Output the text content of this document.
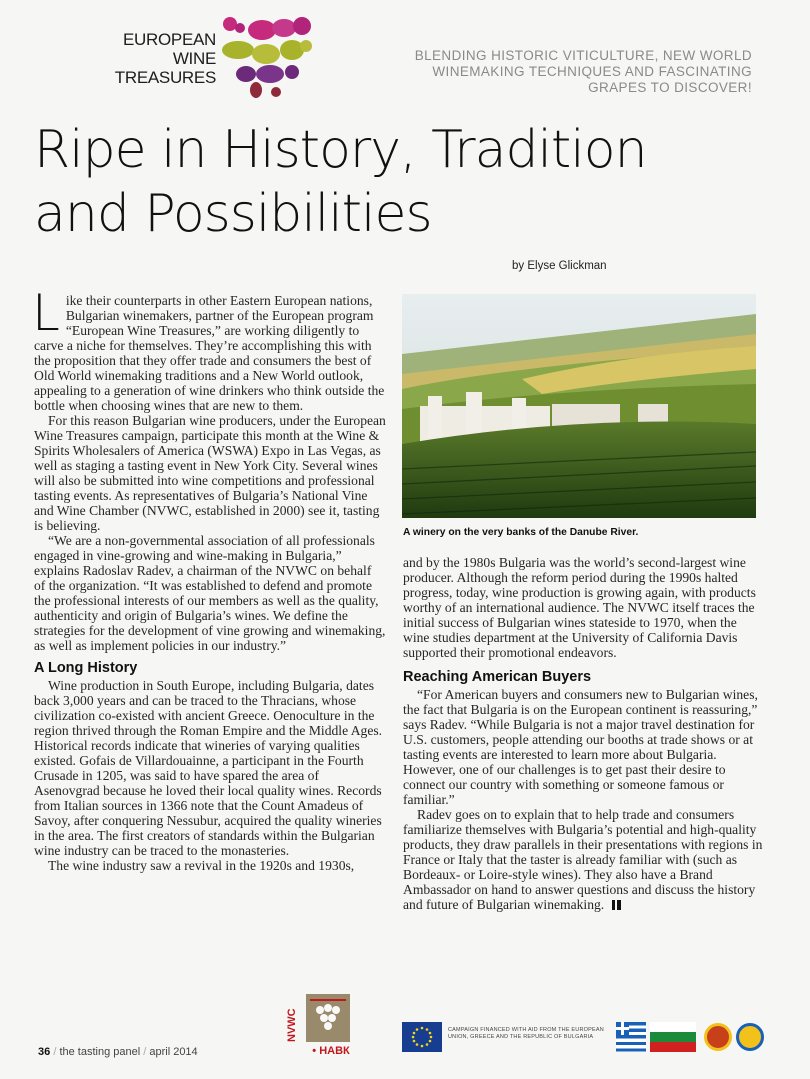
EUROPEAN
WINE
TREASURES
BLENDING HISTORIC VITICULTURE, NEW WORLD
WINEMAKING TECHNIQUES AND FASCINATING
GRAPES TO DISCOVER!
Ripe in History, Tradition
and Possibilities
by Elyse Glickman

Like their counterparts in other Eastern European nations, Bulgarian winemakers, partner of the European program “European Wine Treasures,” are working diligently to carve a niche for themselves. They’re accomplishing this with the proposition that they offer trade and consumers the best of Old World winemaking traditions and a New World outlook, appealing to a generation of wine drinkers who think outside the bottle when choosing wines that are new to them.

For this reason Bulgarian wine producers, under the European Wine Treasures campaign, participate this month at the Wine & Spirits Wholesalers of America (WSWA) Expo in Las Vegas, as well as staging a tasting event in New York City. Several wines will also be submitted into wine competitions and professional tasting events. As representatives of Bulgaria’s National Vine and Wine Chamber (NVWC, established in 2000) see it, tasting is believing.

“We are a non-governmental association of all professionals engaged in vine-growing and wine-making in Bulgaria,” explains Radoslav Radev, a chairman of the NVWC on behalf of the organization. “It was established to defend and promote the professional interests of our members as well as the quality, authenticity and origin of Bulgaria’s wines. We define the strategies for the development of vine growing and winemaking, as well as implement policies in our industry.”

A Long History

Wine production in South Europe, including Bulgaria, dates back 3,000 years and can be traced to the Thracians, whose civilization co-existed with ancient Greece. Oenoculture in the region thrived through the Roman Empire and the Middle Ages. Historical records indicate that wineries of varying qualities existed. Gofais de Villardouainne, a participant in the Fourth Crusade in 1205, was said to have spared the area of Asenovgrad because he loved their local quality wines. Records from Italian sources in 1366 note that the Count Amadeus of Savoy, after conquering Nessubur, acquired the quality wineries in the area. The first creators of standards within the Bulgarian wine industry can be traced to the monasteries.

The wine industry saw a revival in the 1920s and 1930s,

A winery on the very banks of the Danube River.

and by the 1980s Bulgaria was the world’s second-largest wine producer. Although the reform period during the 1990s halted progress, today, wine production is growing again, with products worthy of an international audience. The NVWC itself traces the initial success of Bulgarian wines stateside to 1970, when the wine studies department at the University of California Davis supported their promotional endeavors.

Reaching American Buyers

“For American buyers and consumers new to Bulgarian wines, the fact that Bulgaria is on the European continent is reassuring,” says Radev. “While Bulgaria is not a major travel destination for U.S. customers, people attending our booths at trade shows or at tasting events are interested to learn more about Bulgaria. However, one of our challenges is to get past their desire to connect our country with something or someone famous or familiar.”

Radev goes on to explain that to help trade and consumers familiarize themselves with Bulgaria’s potential and high-quality products, they draw parallels in their presentations with regions in France or Italy that the taster is already familiar with (such as Bordeaux- or Loire-style wines). They also have a Brand Ambassador on hand to answer questions and discuss the history and future of Bulgarian winemaking.

NVWC
• НАВК
CAMPAIGN FINANCED WITH AID FROM THE EUROPEAN
UNION, GREECE AND THE REPUBLIC OF BULGARIA
36 / the tasting panel / april 2014
